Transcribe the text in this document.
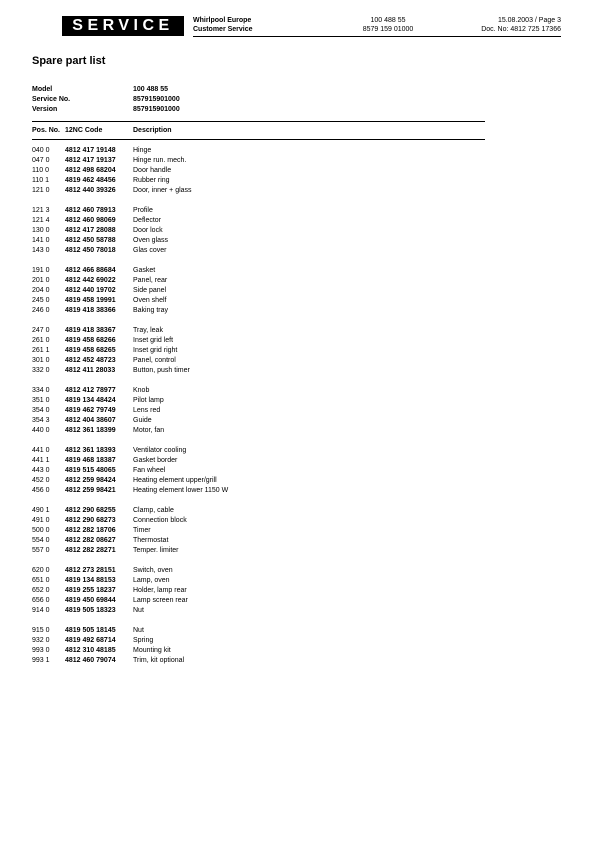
SERVICE	Whirlpool Europe
Customer Service
100 488 55
8579 159 01000
15.08.2003 / Page 3
Doc. No: 4812 725 17366
Spare part list
Model	100 488 55
Service No.	857915901000
Version	857915901000
Pos. No. 12NC Code	Description
040 0 4812 417 19148 Hinge
047 0 4812 417 19137 Hinge run. mech.
110 0 4812 498 68204 Door handle
110 1 4819 462 48456 Rubber ring
121 0 4812 440 39326 Door, inner + glass
121 3 4812 460 78913 Profile
121 4 4812 460 98069 Deflector
130 0 4812 417 28088 Door lock
141 0 4812 450 58788 Oven glass
143 0 4812 450 78018 Glas cover
191 0 4812 466 88684 Gasket
201 0 4812 442 69022 Panel, rear
204 0 4812 440 19702 Side panel
245 0 4819 458 19991 Oven shelf
246 0 4819 418 38366 Baking tray
247 0 4819 418 38367 Tray, leak
261 0 4819 458 68266 Inset grid left
261 1 4819 458 68265 Inset grid right
301 0 4812 452 48723 Panel, control
332 0 4812 411 28033	Button, push timer
334 0 4812 412 78977 Knob
351 0 4819 134 48424 Pilot lamp
354 0 4819 462 79749 Lens red
354 3 4812 404 38607 Guide
440 0 4812 361 18399 Motor, fan
441 0 4812 361 18393 Ventilator cooling
441 1 4819 468 18387 Gasket border
443 0 4819 515 48065 Fan wheel
452 0 4812 259 98424 Heating element upper/grill
456 0 4812 259 98421 Heating element lower 1150 W
490 1 4812 290 68255 Clamp, cable
491 0 4812 290 68273 Connection block
500 0 4812 282 18706 Timer
554 0 4812 282 08627 Thermostat
557 0 4812 282 28271 Temper. limiter
620 0 4812 273 28151 Switch, oven
651 0 4819 134 88153 Lamp, oven
652 0 4819 255 18237 Holder, lamp rear
656 0 4819 450 69844 Lamp screen rear
914 0 4819 505 18323 Nut
915 0 4819 505 18145 Nut
932 0 4819 492 68714 Spring
993 0 4812 310 48185 Mounting kit
993 1 4812 460 79074 Trim, kit optional
